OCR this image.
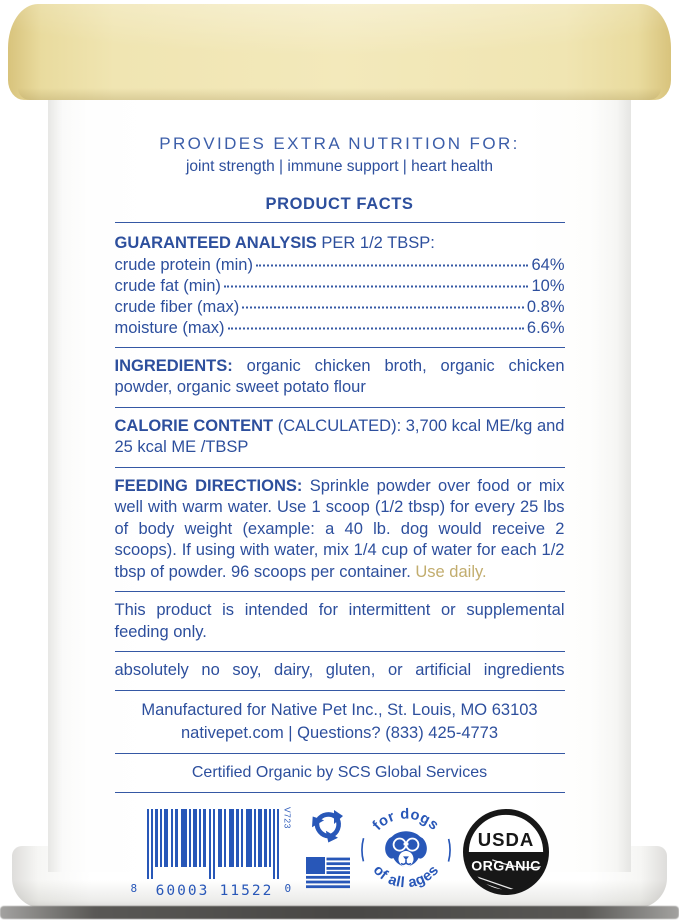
PROVIDES EXTRA NUTRITION FOR:
joint strength | immune support | heart health
PRODUCT FACTS
GUARANTEED ANALYSIS PER 1/2 TBSP:
crude protein (min)	64%
crude fat (min)	10%
crude fiber (max)	0.8%
moisture (max)	6.6%

INGREDIENTS: organic chicken broth, organic chicken powder, organic sweet potato flour

CALORIE CONTENT (CALCULATED): 3,700 kcal ME/kg and 25 kcal ME /TBSP

FEEDING DIRECTIONS: Sprinkle powder over food or mix well with warm water. Use 1 scoop (1/2 tbsp) for every 25 lbs of body weight (example: a 40 lb. dog would receive 2 scoops). If using with water, mix 1/4 cup of water for each 1/2 tbsp of powder. 96 scoops per container. Use daily.

This product is intended for intermittent or supplemental feeding only.

absolutely no soy, dairy, gluten, or artificial ingredients

Manufactured for Native Pet Inc., St. Louis, MO 63103
nativepet.com | Questions? (833) 425-4773
Certified Organic by SCS Global Services
8 60003 11522 0
V723
	for dogs
of all ages
USDA
ORGANIC
